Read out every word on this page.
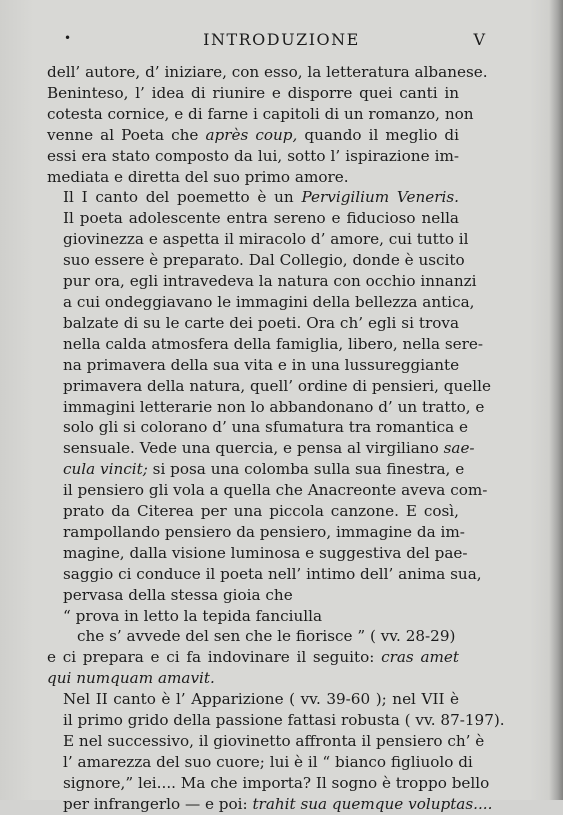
•	INTRODUZIONE	V

dell’ autore, d’ iniziare, con esso, la letteratura albanese.
Beninteso, l’ idea di riunire e disporre quei canti in
cotesta cornice, e di farne i capitoli di un romanzo, non
venne al Poeta che après coup, quando il meglio di
essi era stato composto da lui, sotto l’ ispirazione im-
mediata e diretta del suo primo amore.

Il I canto del poemetto è un Pervigilium Veneris.
Il poeta adolescente entra sereno e fiducioso nella
giovinezza e aspetta il miracolo d’ amore, cui tutto il
suo essere è preparato. Dal Collegio, donde è uscito
pur ora, egli intravedeva la natura con occhio innanzi
a cui ondeggiavano le immagini della bellezza antica,
balzate di su le carte dei poeti. Ora ch’ egli si trova
nella calda atmosfera della famiglia, libero, nella sere-
na primavera della sua vita e in una lussureggiante
primavera della natura, quell’ ordine di pensieri, quelle
immagini letterarie non lo abbandonano d’ un tratto, e
solo gli si colorano d’ una sfumatura tra romantica e
sensuale. Vede una quercia, e pensa al virgiliano sae-
cula vincit; si posa una colomba sulla sua finestra, e
il pensiero gli vola a quella che Anacreonte aveva com-
prato da Citerea per una piccola canzone. E così,
rampollando pensiero da pensiero, immagine da im-
magine, dalla visione luminosa e suggestiva del pae-
saggio ci conduce il poeta nell’ intimo dell’ anima sua,
pervasa della stessa gioia che

“ prova in letto la tepida fanciulla
che s’ avvede del sen che le fiorisce ” ( vv. 28-29)

e ci prepara e ci fa indovinare il seguito: cras amet
qui numquam amavit.

Nel II canto è l’ Apparizione ( vv. 39-60 ); nel VII è
il primo grido della passione fattasi robusta ( vv. 87-197).
E nel successivo, il giovinetto affronta il pensiero ch’ è
l’ amarezza del suo cuore; lui è il “ bianco figliuolo di
signore,” lei.... Ma che importa? Il sogno è troppo bello
per infrangerlo — e poi: trahit sua quemque voluptas....
